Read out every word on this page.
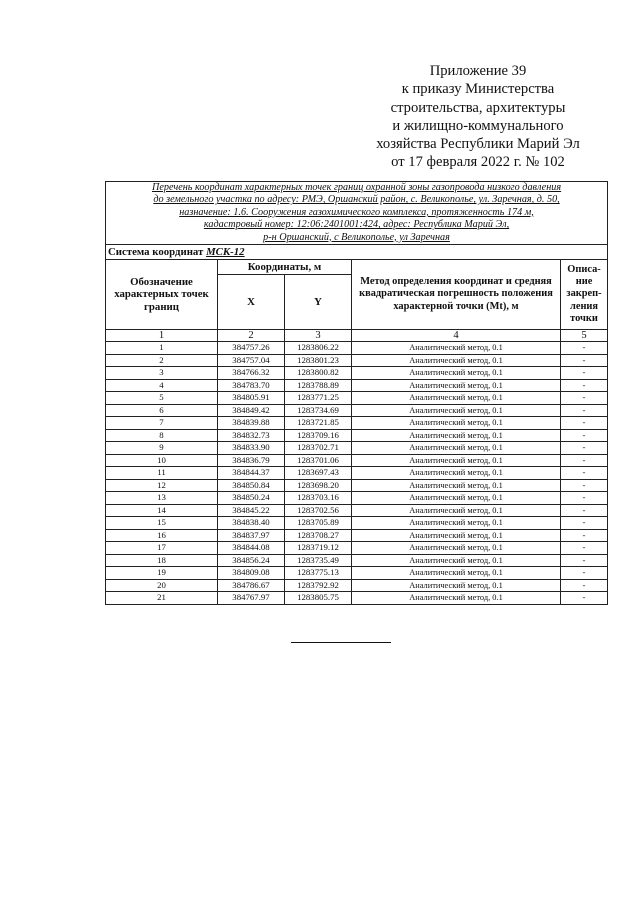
Приложение 39
к приказу Министерства
строительства, архитектуры
и жилищно-коммунального
хозяйства Республики Марий Эл
от 17 февраля 2022 г. № 102
Перечень координат характерных точек границ охранной зоны газопровода низкого давления
до земельного участка по адресу: РМЭ, Оршанский район, с. Великополье, ул. Заречная, д. 50,
назначение: 1.6. Сооружения газохимического комплекса, протяженность 174 м,
кадастровый номер: 12:06:2401001:424, адрес: Республика Марий Эл,
р-н Оршанский, с Великополье, ул Заречная				

Система координат МСК-12				
Обозначение характерных точек границ	Координаты, м		Метод определения координат и средняя квадратическая погрешность положения характерной точки (Mt), м	Описа-ние закреп-ления точки
	X	Y		
1	2	3	4	5
1	384757.26	1283806.22	Аналитический метод, 0.1	-
2	384757.04	1283801.23	Аналитический метод, 0.1	-
3	384766.32	1283800.82	Аналитический метод, 0.1	-
4	384783.70	1283788.89	Аналитический метод, 0.1	-
5	384805.91	1283771.25	Аналитический метод, 0.1	-
6	384849.42	1283734.69	Аналитический метод, 0.1	-
7	384839.88	1283721.85	Аналитический метод, 0.1	-
8	384832.73	1283709.16	Аналитический метод, 0.1	-
9	384833.90	1283702.71	Аналитический метод, 0.1	-
10	384836.79	1283701.06	Аналитический метод, 0.1	-
11	384844.37	1283697.43	Аналитический метод, 0.1	-
12	384850.84	1283698.20	Аналитический метод, 0.1	-
13	384850.24	1283703.16	Аналитический метод, 0.1	-
14	384845.22	1283702.56	Аналитический метод, 0.1	-
15	384838.40	1283705.89	Аналитический метод, 0.1	-
16	384837.97	1283708.27	Аналитический метод, 0.1	-
17	384844.08	1283719.12	Аналитический метод, 0.1	-
18	384856.24	1283735.49	Аналитический метод, 0.1	-
19	384809.08	1283775.13	Аналитический метод, 0.1	-
20	384786.67	1283792.92	Аналитический метод, 0.1	-
21	384767.97	1283805.75	Аналитический метод, 0.1	-
